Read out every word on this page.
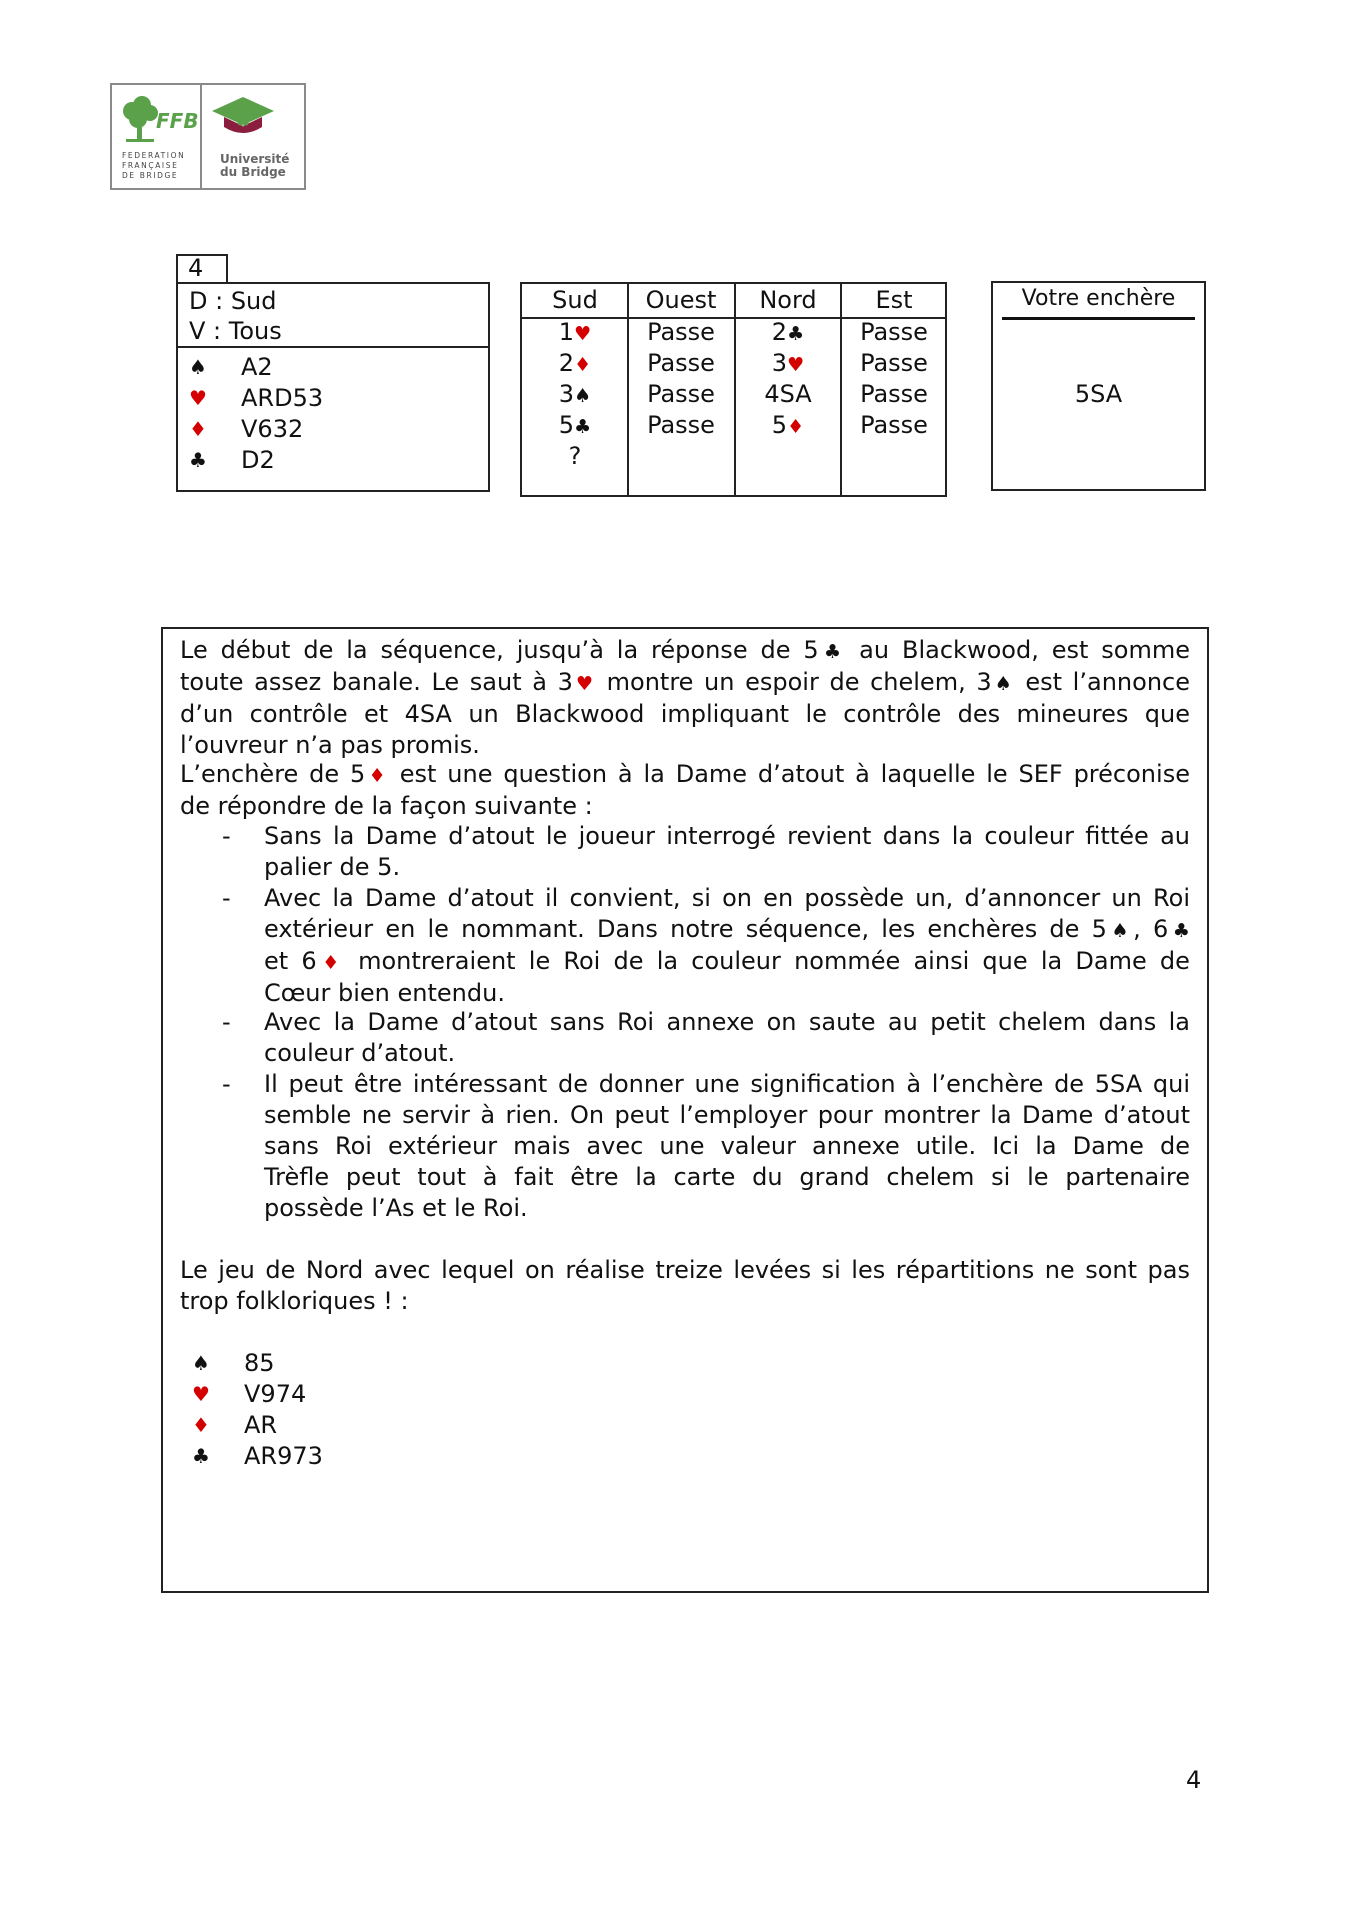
FFB
FEDERATION
FRANÇAISE
DE BRIDGE
♣
Université
du Bridge
4
D : Sud
V : Tous
♠ A2
♥ ARD53
♦ V632
♣ D2
Sud	Ouest	Nord	Est
1♥	Passe	2♣	Passe
2♦	Passe	3♥	Passe
3♠	Passe	4SA	Passe
5♣	Passe	5♦	Passe
?
Votre enchère
5SA
Le début de la séquence, jusqu’à la réponse de 5♣ au Blackwood, est somme
toute assez banale. Le saut à 3♥ montre un espoir de chelem, 3♠ est l’annonce
d’un contrôle et 4SA un Blackwood impliquant le contrôle des mineures que
l’ouvreur n’a pas promis.
L’enchère de 5♦ est une question à la Dame d’atout à laquelle le SEF préconise
de répondre de la façon suivante :
- Sans la Dame d’atout le joueur interrogé revient dans la couleur fittée au
palier de 5.
- Avec la Dame d’atout il convient, si on en possède un, d’annoncer un Roi
extérieur en le nommant. Dans notre séquence, les enchères de 5♠, 6♣
et 6♦ montreraient le Roi de la couleur nommée ainsi que la Dame de
Cœur bien entendu.
- Avec la Dame d’atout sans Roi annexe on saute au petit chelem dans la
couleur d’atout.
- Il peut être intéressant de donner une signification à l’enchère de 5SA qui
semble ne servir à rien. On peut l’employer pour montrer la Dame d’atout
sans Roi extérieur mais avec une valeur annexe utile. Ici la Dame de
Trèfle peut tout à fait être la carte du grand chelem si le partenaire
possède l’As et le Roi.
Le jeu de Nord avec lequel on réalise treize levées si les répartitions ne sont pas
trop folkloriques ! :
♠ 85
♥ V974
♦ AR
♣ AR973
4
